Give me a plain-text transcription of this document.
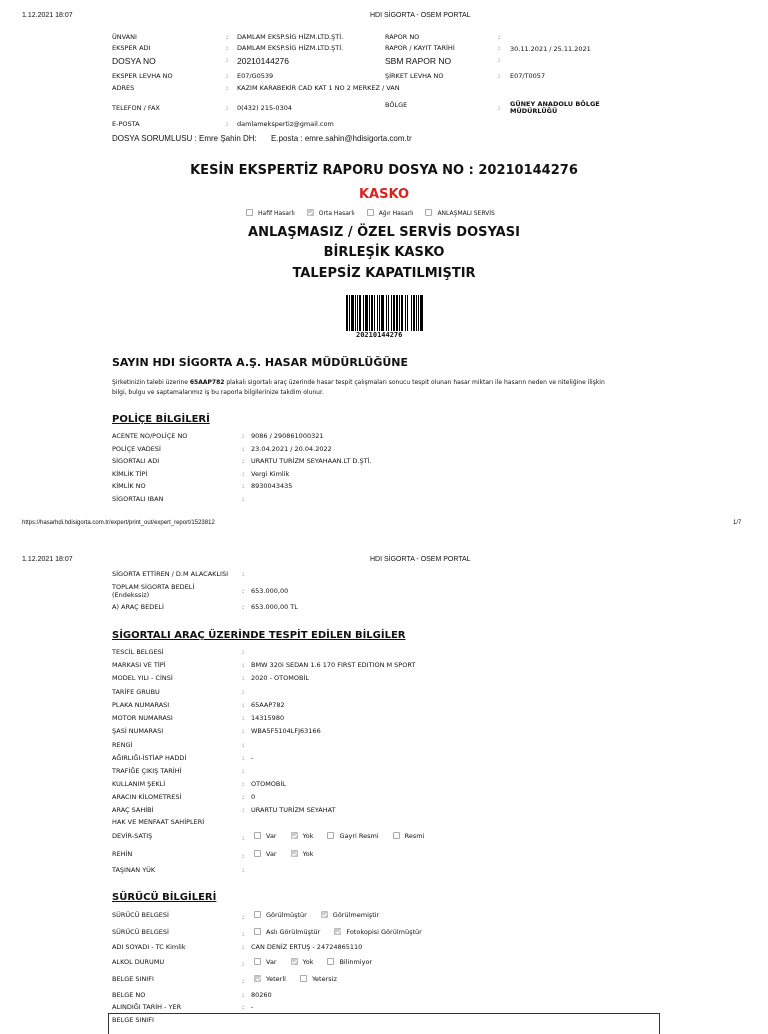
1.12.2021 18:07	HDI SİGORTA - OSEM PORTAL
ÜNVANI	: DAMLAM EKSP.SİG HİZM.LTD.ŞTİ.
EKSPER ADI	: DAMLAM EKSP.SİG HİZM.LTD.ŞTİ.
DOSYA NO	: 20210144276
EKSPER LEVHA NO	: E07/G0539
ADRES	: KAZIM KARABEKİR CAD KAT 1 NO 2 MERKEZ / VAN
TELEFON / FAX	: 0(432) 215-0304
E-POSTA	: damlamekspertiz@gmail.com
RAPOR NO	:
RAPOR / KAYIT TARİHİ	: 30.11.2021 / 25.11.2021
SBM RAPOR NO	:
ŞİRKET LEVHA NO	: E07/T0057
BÖLGE	: GÜNEY ANADOLU BÖLGE MÜDÜRLÜĞÜ
DOSYA SORUMLUSU : Emre Şahin DH: E.posta : emre.sahin@hdisigorta.com.tr
KESİN EKSPERTİZ RAPORU DOSYA NO : 20210144276
KASKO
Hafif Hasarlı	Orta Hasarlı	Ağır Hasarlı	ANLAŞMALI SERVİS
ANLAŞMASIZ / ÖZEL SERVİS DOSYASI
BİRLEŞİK KASKO
TALEPSİZ KAPATILMIŞTIR
20210144276
SAYIN HDI SİGORTA A.Ş. HASAR MÜDÜRLÜĞÜNE
Şirketinizin talebi üzerine 65AAP782 plakalı sigortalı araç üzerinde hasar tespit çalışmaları sonucu tespit olunan hasar miktarı ile hasarın neden ve niteliğine ilişkin
bilgi, bulgu ve saptamalarımız iş bu raporla bilgilerinize takdim olunur.
POLİÇE BİLGİLERİ
ACENTE NO/POLİÇE NO	: 9086 / 290861000321
POLİÇE VADESİ	: 23.04.2021 / 20.04.2022
SİGORTALI ADI	: URARTU TURİZM SEYAHAAN.LT D.ŞTİ.
KİMLİK TİPİ	: Vergi Kimlik
KİMLİK NO	: 8930043435
SİGORTALI IBAN	:
https://hasarhdi.hdisigorta.com.tr/expert/print_out/expert_report/1523812	1/7
1.12.2021 18:07	HDI SİGORTA - OSEM PORTAL
SİGORTA ETTİREN / D.M ALACAKLISI :
TOPLAM SİGORTA BEDELİ
(Endekssiz)	: 653.000,00
A) ARAÇ BEDELİ	: 653.000,00 TL
SİGORTALI ARAÇ ÜZERİNDE TESPİT EDİLEN BİLGİLER
TESCİL BELGESİ	:
MARKASI VE TİPİ	: BMW 320i SEDAN 1.6 170 FIRST EDITION M SPORT
MODEL YILI - CİNSİ	: 2020 - OTOMOBİL
TARİFE GRUBU	:
PLAKA NUMARASI	: 65AAP782
MOTOR NUMARASI	: 14315980
ŞASİ NUMARASI	: WBA5F5104LFJ63166
RENGİ	:
AĞIRLIĞI-İSTİAP HADDİ	: -
TRAFİĞE ÇIKIŞ TARİHİ	:
KULLANIM ŞEKLİ	: OTOMOBİL
ARACIN KİLOMETRESİ	: 0
ARAÇ SAHİBİ	: URARTU TURİZM SEYAHAT
HAK VE MENFAAT SAHİPLERİ
DEVİR-SATIŞ	:	Var	Yok	Gayri Resmi	Resmi
REHİN	:	Var	Yok
TAŞINAN YÜK	:
SÜRÜCÜ BİLGİLERİ
SÜRÜCÜ BELGESİ	:	Görülmüştür	Görülmemiştir
SÜRÜCÜ BELGESİ	:	Aslı Görülmüştür	Fotokopisi Görülmüştür
ADI SOYADI - TC Kimlik	: CAN DENİZ ERTUŞ - 24724865110
ALKOL DURUMU	:	Var	Yok	Bilinmiyor
BELGE SINIFI	:	Yeterli	Yetersiz
BELGE NO	: 80260
ALINDIĞI TARİH - YER	: -
BELGE SINIFI
